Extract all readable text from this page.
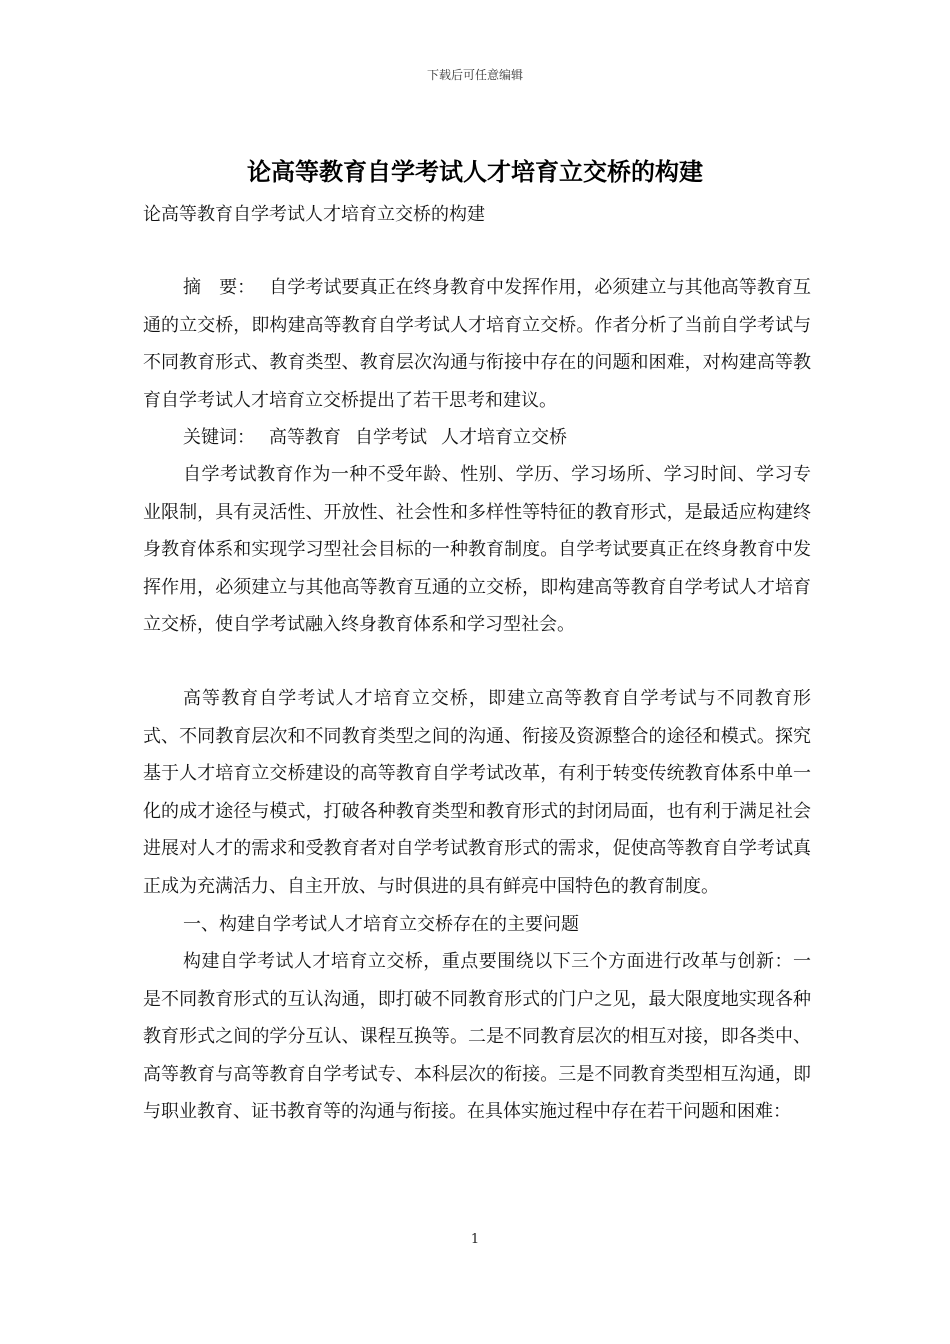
下载后可任意编辑
论高等教育自学考试人才培育立交桥的构建
论高等教育自学考试人才培育立交桥的构建

摘　要： 自学考试要真正在终身教育中发挥作用，必须建立与其他高等教育互通的立交桥，即构建高等教育自学考试人才培育立交桥。作者分析了当前自学考试与不同教育形式、教育类型、教育层次沟通与衔接中存在的问题和困难，对构建高等教育自学考试人才培育立交桥提出了若干思考和建议。

关键词： 高等教育 自学考试 人才培育立交桥

自学考试教育作为一种不受年龄、性别、学历、学习场所、学习时间、学习专业限制，具有灵活性、开放性、社会性和多样性等特征的教育形式，是最适应构建终身教育体系和实现学习型社会目标的一种教育制度。自学考试要真正在终身教育中发挥作用，必须建立与其他高等教育互通的立交桥，即构建高等教育自学考试人才培育立交桥，使自学考试融入终身教育体系和学习型社会。

高等教育自学考试人才培育立交桥，即建立高等教育自学考试与不同教育形式、不同教育层次和不同教育类型之间的沟通、衔接及资源整合的途径和模式。探究基于人才培育立交桥建设的高等教育自学考试改革，有利于转变传统教育体系中单一化的成才途径与模式，打破各种教育类型和教育形式的封闭局面，也有利于满足社会进展对人才的需求和受教育者对自学考试教育形式的需求，促使高等教育自学考试真正成为充满活力、自主开放、与时俱进的具有鲜亮中国特色的教育制度。

一、构建自学考试人才培育立交桥存在的主要问题

构建自学考试人才培育立交桥，重点要围绕以下三个方面进行改革与创新：一是不同教育形式的互认沟通，即打破不同教育形式的门户之见，最大限度地实现各种教育形式之间的学分互认、课程互换等。二是不同教育层次的相互对接，即各类中、高等教育与高等教育自学考试专、本科层次的衔接。三是不同教育类型相互沟通，即与职业教育、证书教育等的沟通与衔接。在具体实施过程中存在若干问题和困难：

1
